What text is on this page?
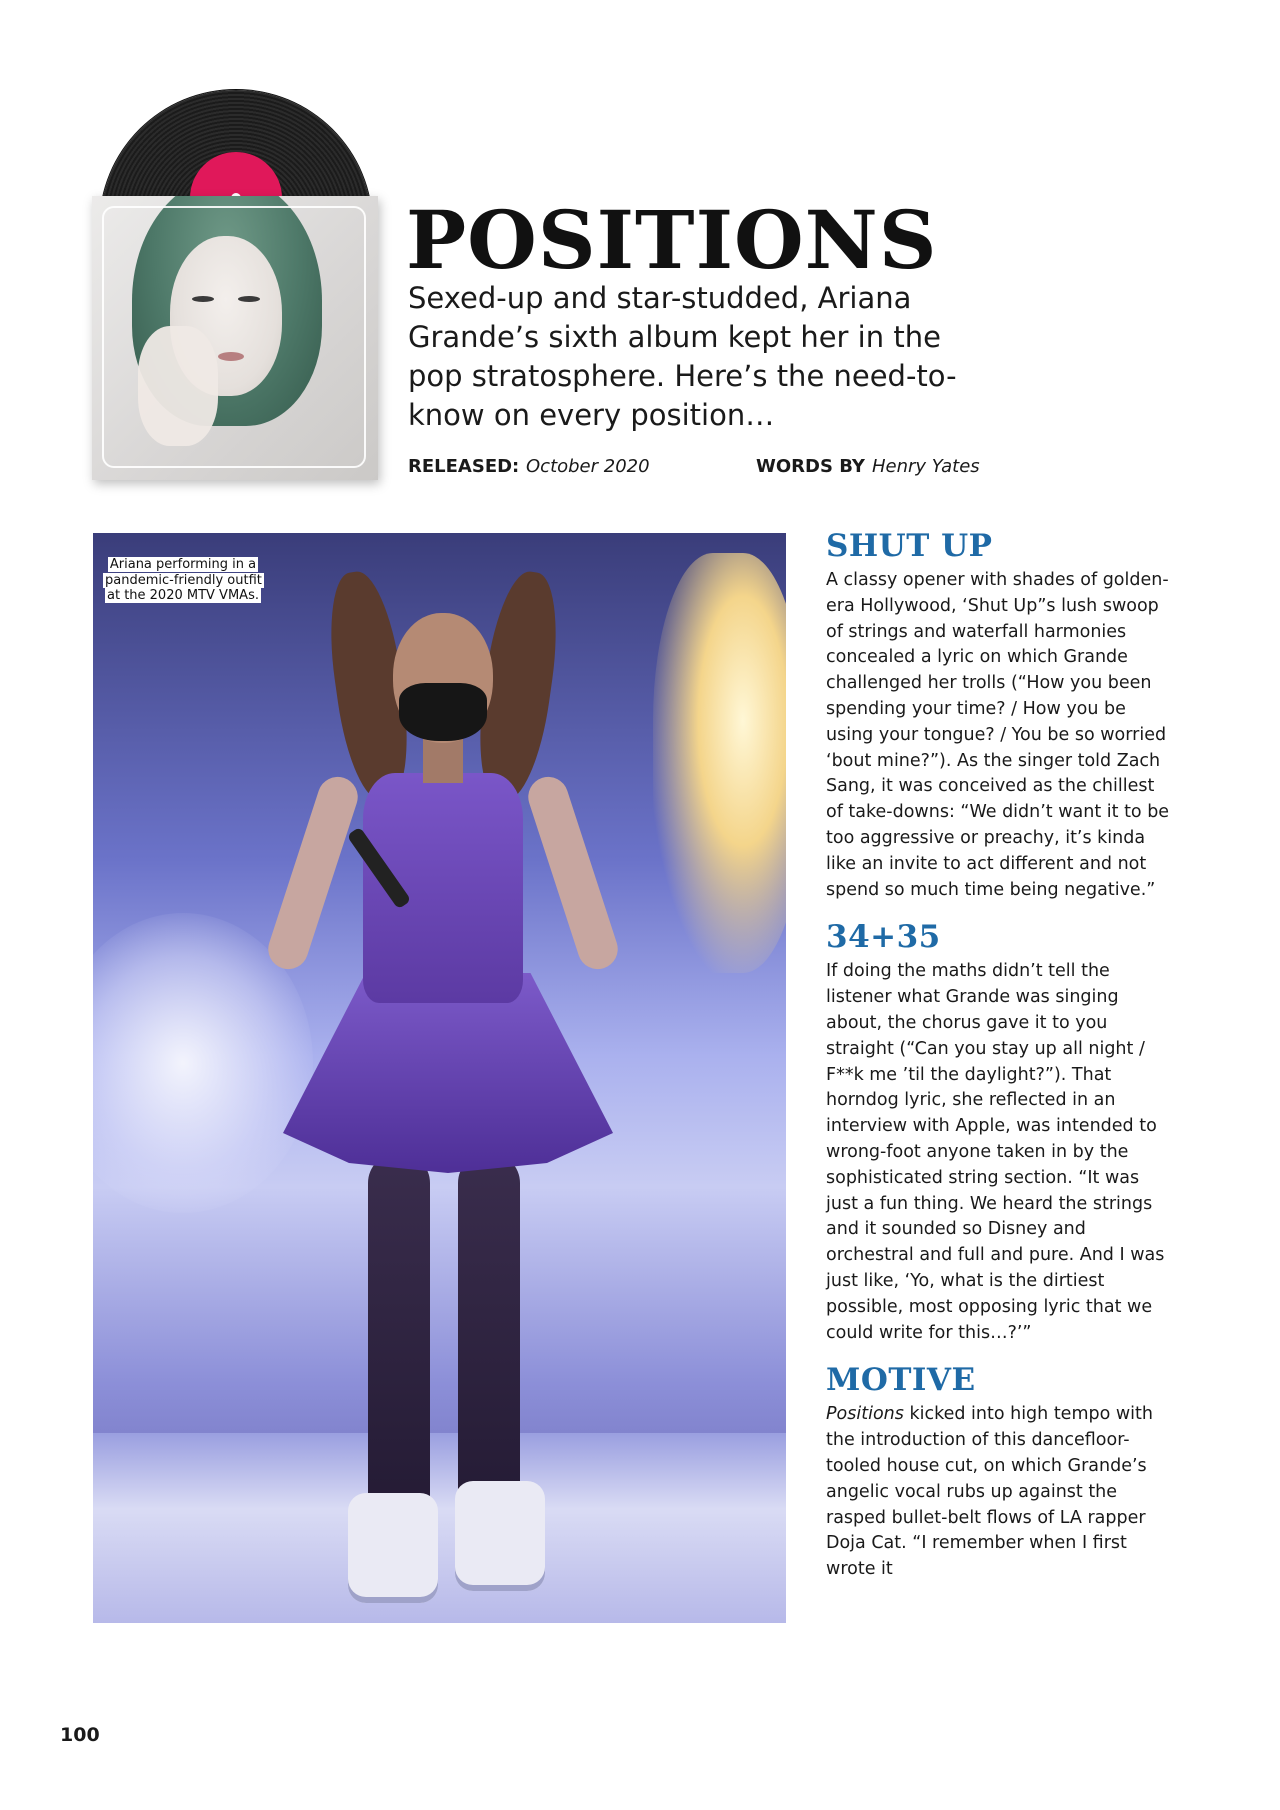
POSITIONS
Sexed-up and star-studded, Ariana Grande’s sixth album kept her in the pop stratosphere. Here’s the need-to-know on every position…
RELEASED: October 2020	WORDS BY Henry Yates
Ariana performing in a pandemic-friendly outfit at the 2020 MTV VMAs.
SHUT UP

A classy opener with shades of golden-era Hollywood, ‘Shut Up”s lush swoop of strings and waterfall harmonies concealed a lyric on which Grande challenged her trolls (“How you been spending your time? / How you be using your tongue? / You be so worried ‘bout mine?”). As the singer told Zach Sang, it was conceived as the chillest of take-downs: “We didn’t want it to be too aggressive or preachy, it’s kinda like an invite to act different and not spend so much time being negative.”

34+35

If doing the maths didn’t tell the listener what Grande was singing about, the chorus gave it to you straight (“Can you stay up all night / F**k me ’til the daylight?”). That horndog lyric, she reflected in an interview with Apple, was intended to wrong-foot anyone taken in by the sophisticated string section. “It was just a fun thing. We heard the strings and it sounded so Disney and orchestral and full and pure. And I was just like, ‘Yo, what is the dirtiest possible, most opposing lyric that we could write for this…?’”

MOTIVE

Positions kicked into high tempo with the introduction of this dancefloor-tooled house cut, on which Grande’s angelic vocal rubs up against the rasped bullet-belt flows of LA rapper Doja Cat. “I remember when I first wrote it

100
